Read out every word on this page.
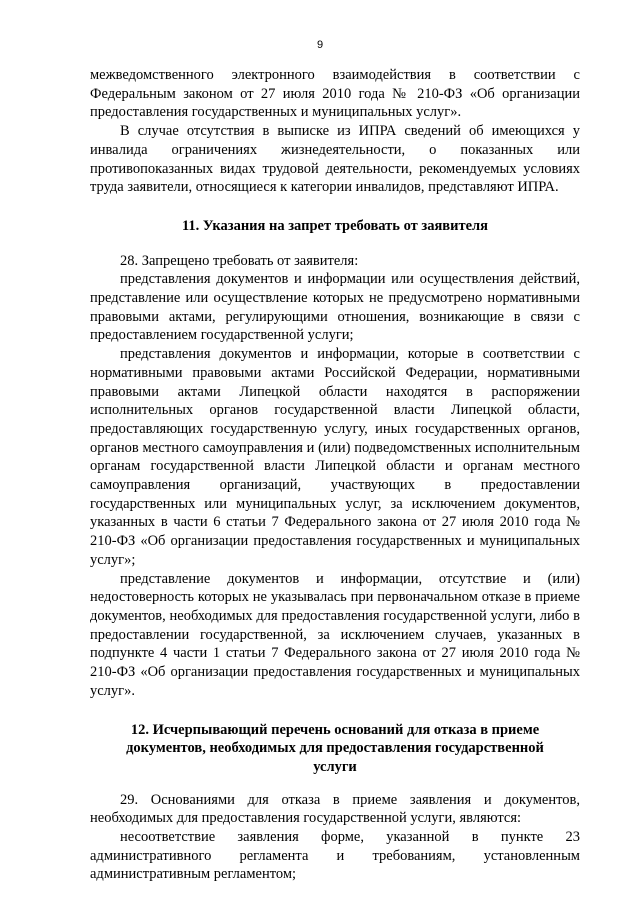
9

межведомственного электронного взаимодействия в соответствии с Федеральным законом от 27 июля 2010 года № 210-ФЗ «Об организации предоставления государственных и муниципальных услуг».

В случае отсутствия в выписке из ИПРА сведений об имеющихся у инвалида ограничениях жизнедеятельности, о показанных или противопоказанных видах трудовой деятельности, рекомендуемых условиях труда заявители, относящиеся к категории инвалидов, представляют ИПРА.

11. Указания на запрет требовать от заявителя

28. Запрещено требовать от заявителя:

представления документов и информации или осуществления действий, представление или осуществление которых не предусмотрено нормативными правовыми актами, регулирующими отношения, возникающие в связи с предоставлением государственной услуги;

представления документов и информации, которые в соответствии с нормативными правовыми актами Российской Федерации, нормативными правовыми актами Липецкой области находятся в распоряжении исполнительных органов государственной власти Липецкой области, предоставляющих государственную услугу, иных государственных органов, органов местного самоуправления и (или) подведомственных исполнительным органам государственной власти Липецкой области и органам местного самоуправления организаций, участвующих в предоставлении государственных или муниципальных услуг, за исключением документов, указанных в части 6 статьи 7 Федерального закона от 27 июля 2010 года № 210-ФЗ «Об организации предоставления государственных и муниципальных услуг»;

представление документов и информации, отсутствие и (или) недостоверность которых не указывалась при первоначальном отказе в приеме документов, необходимых для предоставления государственной услуги, либо в предоставлении государственной, за исключением случаев, указанных в подпункте 4 части 1 статьи 7 Федерального закона от 27 июля 2010 года № 210-ФЗ «Об организации предоставления государственных и муниципальных услуг».

12. Исчерпывающий перечень оснований для отказа в приеме документов, необходимых для предоставления государственной услуги

29. Основаниями для отказа в приеме заявления и документов, необходимых для предоставления государственной услуги, являются:

несоответствие заявления форме, указанной в пункте 23 административного регламента и требованиям, установленным административным регламентом;
